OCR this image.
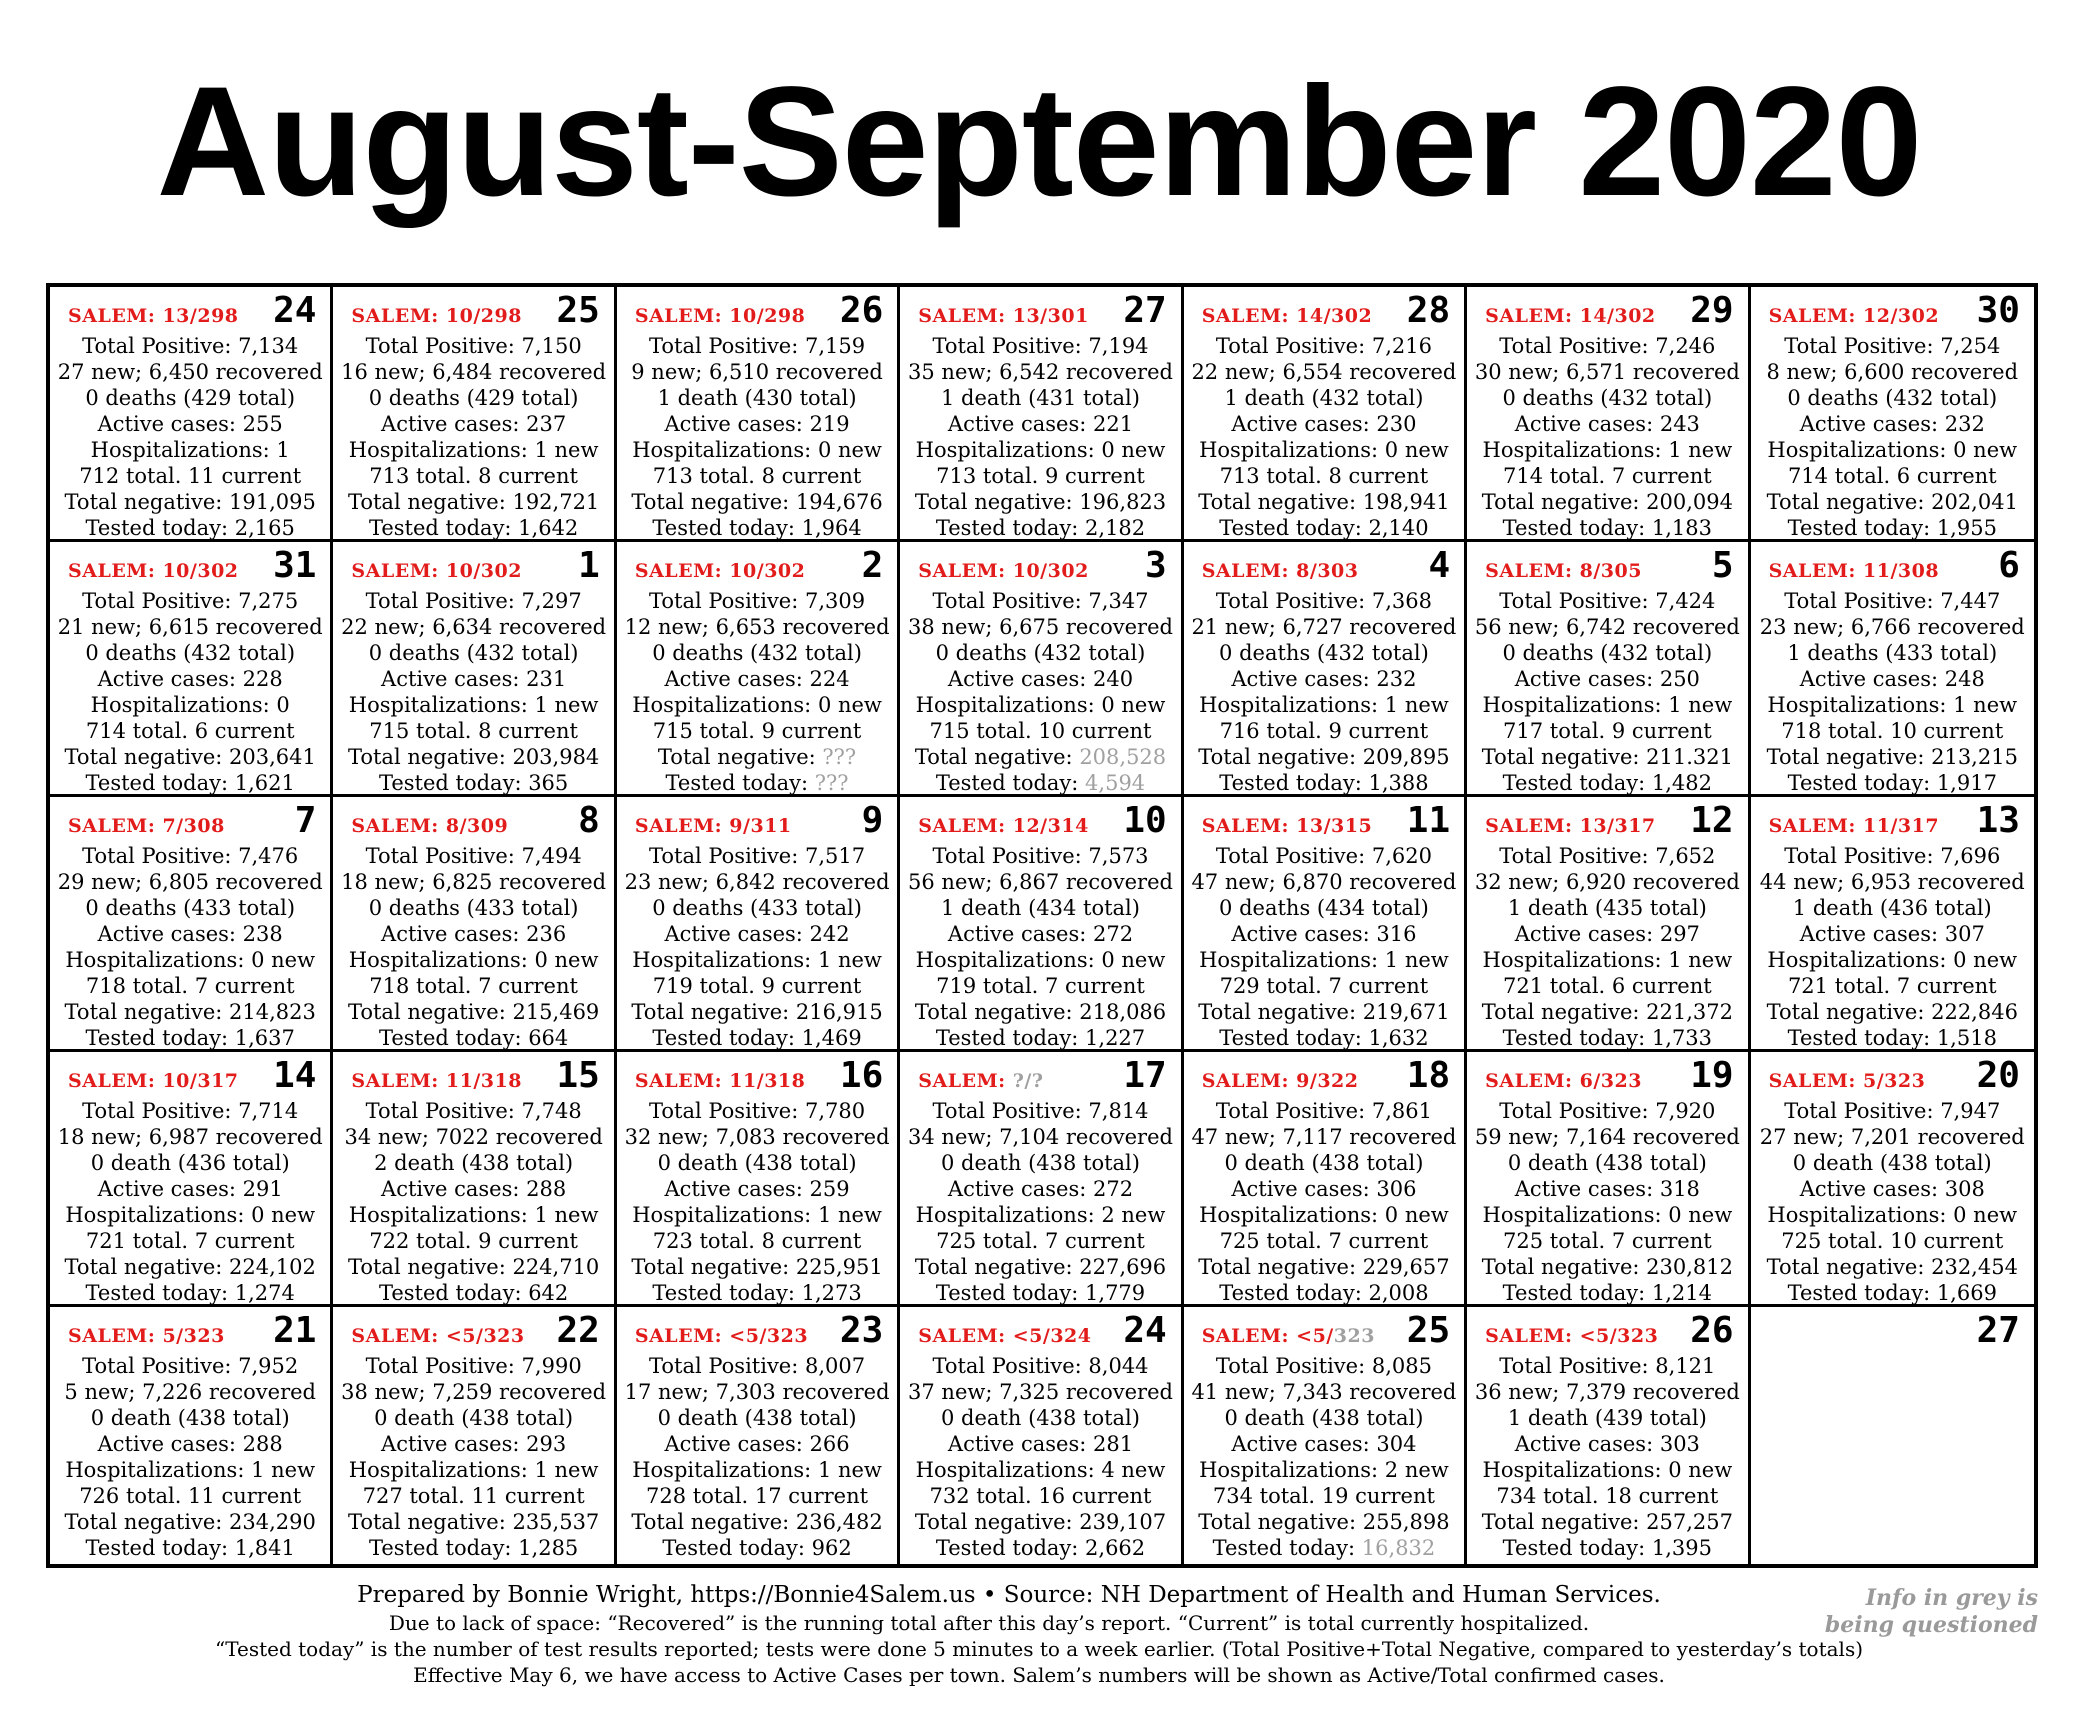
August-September 2020
SALEM: 13/298 24
Total Positive: 7,134
27 new; 6,450 recovered
0 deaths (429 total)
Active cases: 255
Hospitalizations: 1
712 total. 11 current
Total negative: 191,095
Tested today: 2,165
SALEM: 10/298 25
Total Positive: 7,150
16 new; 6,484 recovered
0 deaths (429 total)
Active cases: 237
Hospitalizations: 1 new
713 total. 8 current
Total negative: 192,721
Tested today: 1,642
SALEM: 10/298 26
Total Positive: 7,159
9 new; 6,510 recovered
1 death (430 total)
Active cases: 219
Hospitalizations: 0 new
713 total. 8 current
Total negative: 194,676
Tested today: 1,964
SALEM: 13/301 27
Total Positive: 7,194
35 new; 6,542 recovered
1 death (431 total)
Active cases: 221
Hospitalizations: 0 new
713 total. 9 current
Total negative: 196,823
Tested today: 2,182
SALEM: 14/302 28
Total Positive: 7,216
22 new; 6,554 recovered
1 death (432 total)
Active cases: 230
Hospitalizations: 0 new
713 total. 8 current
Total negative: 198,941
Tested today: 2,140
SALEM: 14/302 29
Total Positive: 7,246
30 new; 6,571 recovered
0 deaths (432 total)
Active cases: 243
Hospitalizations: 1 new
714 total. 7 current
Total negative: 200,094
Tested today: 1,183
SALEM: 12/302 30
Total Positive: 7,254
8 new; 6,600 recovered
0 deaths (432 total)
Active cases: 232
Hospitalizations: 0 new
714 total. 6 current
Total negative: 202,041
Tested today: 1,955
SALEM: 10/302 31
Total Positive: 7,275
21 new; 6,615 recovered
0 deaths (432 total)
Active cases: 228
Hospitalizations: 0
714 total. 6 current
Total negative: 203,641
Tested today: 1,621
SALEM: 10/302 1
Total Positive: 7,297
22 new; 6,634 recovered
0 deaths (432 total)
Active cases: 231
Hospitalizations: 1 new
715 total. 8 current
Total negative: 203,984
Tested today: 365
SALEM: 10/302 2
Total Positive: 7,309
12 new; 6,653 recovered
0 deaths (432 total)
Active cases: 224
Hospitalizations: 0 new
715 total. 9 current
Total negative: ???
Tested today: ???
SALEM: 10/302 3
Total Positive: 7,347
38 new; 6,675 recovered
0 deaths (432 total)
Active cases: 240
Hospitalizations: 0 new
715 total. 10 current
Total negative: 208,528
Tested today: 4,594
SALEM: 8/303 4
Total Positive: 7,368
21 new; 6,727 recovered
0 deaths (432 total)
Active cases: 232
Hospitalizations: 1 new
716 total. 9 current
Total negative: 209,895
Tested today: 1,388
SALEM: 8/305 5
Total Positive: 7,424
56 new; 6,742 recovered
0 deaths (432 total)
Active cases: 250
Hospitalizations: 1 new
717 total. 9 current
Total negative: 211.321
Tested today: 1,482
SALEM: 11/308 6
Total Positive: 7,447
23 new; 6,766 recovered
1 deaths (433 total)
Active cases: 248
Hospitalizations: 1 new
718 total. 10 current
Total negative: 213,215
Tested today: 1,917
SALEM: 7/308 7
Total Positive: 7,476
29 new; 6,805 recovered
0 deaths (433 total)
Active cases: 238
Hospitalizations: 0 new
718 total. 7 current
Total negative: 214,823
Tested today: 1,637
SALEM: 8/309 8
Total Positive: 7,494
18 new; 6,825 recovered
0 deaths (433 total)
Active cases: 236
Hospitalizations: 0 new
718 total. 7 current
Total negative: 215,469
Tested today: 664
SALEM: 9/311 9
Total Positive: 7,517
23 new; 6,842 recovered
0 deaths (433 total)
Active cases: 242
Hospitalizations: 1 new
719 total. 9 current
Total negative: 216,915
Tested today: 1,469
SALEM: 12/314 10
Total Positive: 7,573
56 new; 6,867 recovered
1 death (434 total)
Active cases: 272
Hospitalizations: 0 new
719 total. 7 current
Total negative: 218,086
Tested today: 1,227
SALEM: 13/315 11
Total Positive: 7,620
47 new; 6,870 recovered
0 deaths (434 total)
Active cases: 316
Hospitalizations: 1 new
729 total. 7 current
Total negative: 219,671
Tested today: 1,632
SALEM: 13/317 12
Total Positive: 7,652
32 new; 6,920 recovered
1 death (435 total)
Active cases: 297
Hospitalizations: 1 new
721 total. 6 current
Total negative: 221,372
Tested today: 1,733
SALEM: 11/317 13
Total Positive: 7,696
44 new; 6,953 recovered
1 death (436 total)
Active cases: 307
Hospitalizations: 0 new
721 total. 7 current
Total negative: 222,846
Tested today: 1,518
SALEM: 10/317 14
Total Positive: 7,714
18 new; 6,987 recovered
0 death (436 total)
Active cases: 291
Hospitalizations: 0 new
721 total. 7 current
Total negative: 224,102
Tested today: 1,274
SALEM: 11/318 15
Total Positive: 7,748
34 new; 7022 recovered
2 death (438 total)
Active cases: 288
Hospitalizations: 1 new
722 total. 9 current
Total negative: 224,710
Tested today: 642
SALEM: 11/318 16
Total Positive: 7,780
32 new; 7,083 recovered
0 death (438 total)
Active cases: 259
Hospitalizations: 1 new
723 total. 8 current
Total negative: 225,951
Tested today: 1,273
SALEM: ?/? 17
Total Positive: 7,814
34 new; 7,104 recovered
0 death (438 total)
Active cases: 272
Hospitalizations: 2 new
725 total. 7 current
Total negative: 227,696
Tested today: 1,779
SALEM: 9/322 18
Total Positive: 7,861
47 new; 7,117 recovered
0 death (438 total)
Active cases: 306
Hospitalizations: 0 new
725 total. 7 current
Total negative: 229,657
Tested today: 2,008
SALEM: 6/323 19
Total Positive: 7,920
59 new; 7,164 recovered
0 death (438 total)
Active cases: 318
Hospitalizations: 0 new
725 total. 7 current
Total negative: 230,812
Tested today: 1,214
SALEM: 5/323 20
Total Positive: 7,947
27 new; 7,201 recovered
0 death (438 total)
Active cases: 308
Hospitalizations: 0 new
725 total. 10 current
Total negative: 232,454
Tested today: 1,669
SALEM: 5/323 21
Total Positive: 7,952
5 new; 7,226 recovered
0 death (438 total)
Active cases: 288
Hospitalizations: 1 new
726 total. 11 current
Total negative: 234,290
Tested today: 1,841
SALEM: <5/323 22
Total Positive: 7,990
38 new; 7,259 recovered
0 death (438 total)
Active cases: 293
Hospitalizations: 1 new
727 total. 11 current
Total negative: 235,537
Tested today: 1,285
SALEM: <5/323 23
Total Positive: 8,007
17 new; 7,303 recovered
0 death (438 total)
Active cases: 266
Hospitalizations: 1 new
728 total. 17 current
Total negative: 236,482
Tested today: 962
SALEM: <5/324 24
Total Positive: 8,044
37 new; 7,325 recovered
0 death (438 total)
Active cases: 281
Hospitalizations: 4 new
732 total. 16 current
Total negative: 239,107
Tested today: 2,662
SALEM: <5/323 25
Total Positive: 8,085
41 new; 7,343 recovered
0 death (438 total)
Active cases: 304
Hospitalizations: 2 new
734 total. 19 current
Total negative: 255,898
Tested today: 16,832
SALEM: <5/323 26
Total Positive: 8,121
36 new; 7,379 recovered
1 death (439 total)
Active cases: 303
Hospitalizations: 0 new
734 total. 18 current
Total negative: 257,257
Tested today: 1,395
27
Prepared by Bonnie Wright, https://Bonnie4Salem.us • Source: NH Department of Health and Human Services.
Due to lack of space: “Recovered” is the running total after this day’s report. “Current” is total currently hospitalized.
“Tested today” is the number of test results reported; tests were done 5 minutes to a week earlier. (Total Positive+Total Negative, compared to yesterday’s totals)
Effective May 6, we have access to Active Cases per town. Salem’s numbers will be shown as Active/Total confirmed cases.
Info in grey is
being questioned
